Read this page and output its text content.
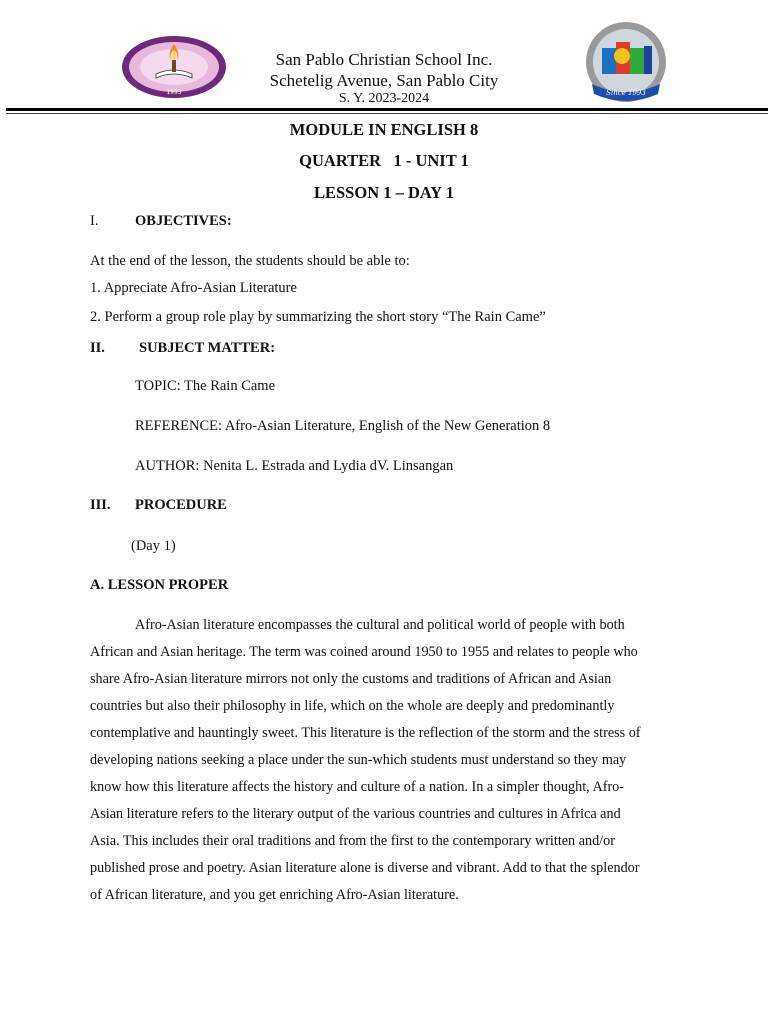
1993	Since 1993
San Pablo Christian School Inc.
Schetelig Avenue, San Pablo City
S. Y. 2023-2024
MODULE IN ENGLISH 8
QUARTER   1 - UNIT 1
LESSON 1 – DAY 1
I.	OBJECTIVES:
At the end of the lesson, the students should be able to:
1. Appreciate Afro-Asian Literature
2. Perform a group role play by summarizing the short story “The Rain Came”
II. SUBJECT MATTER:
TOPIC: The Rain Came
REFERENCE: Afro-Asian Literature, English of the New Generation 8
AUTHOR: Nenita L. Estrada and Lydia dV. Linsangan
III. PROCEDURE
(Day 1)
A. LESSON PROPER
Afro-Asian literature encompasses the cultural and political world of people with both
African and Asian heritage. The term was coined around 1950 to 1955 and relates to people who
share Afro-Asian literature mirrors not only the customs and traditions of African and Asian
countries but also their philosophy in life, which on the whole are deeply and predominantly
contemplative and hauntingly sweet. This literature is the reflection of the storm and the stress of
developing nations seeking a place under the sun-which students must understand so they may
know how this literature affects the history and culture of a nation. In a simpler thought, Afro-
Asian literature refers to the literary output of the various countries and cultures in Africa and
Asia. This includes their oral traditions and from the first to the contemporary written and/or
published prose and poetry. Asian literature alone is diverse and vibrant. Add to that the splendor
of African literature, and you get enriching Afro-Asian literature.
